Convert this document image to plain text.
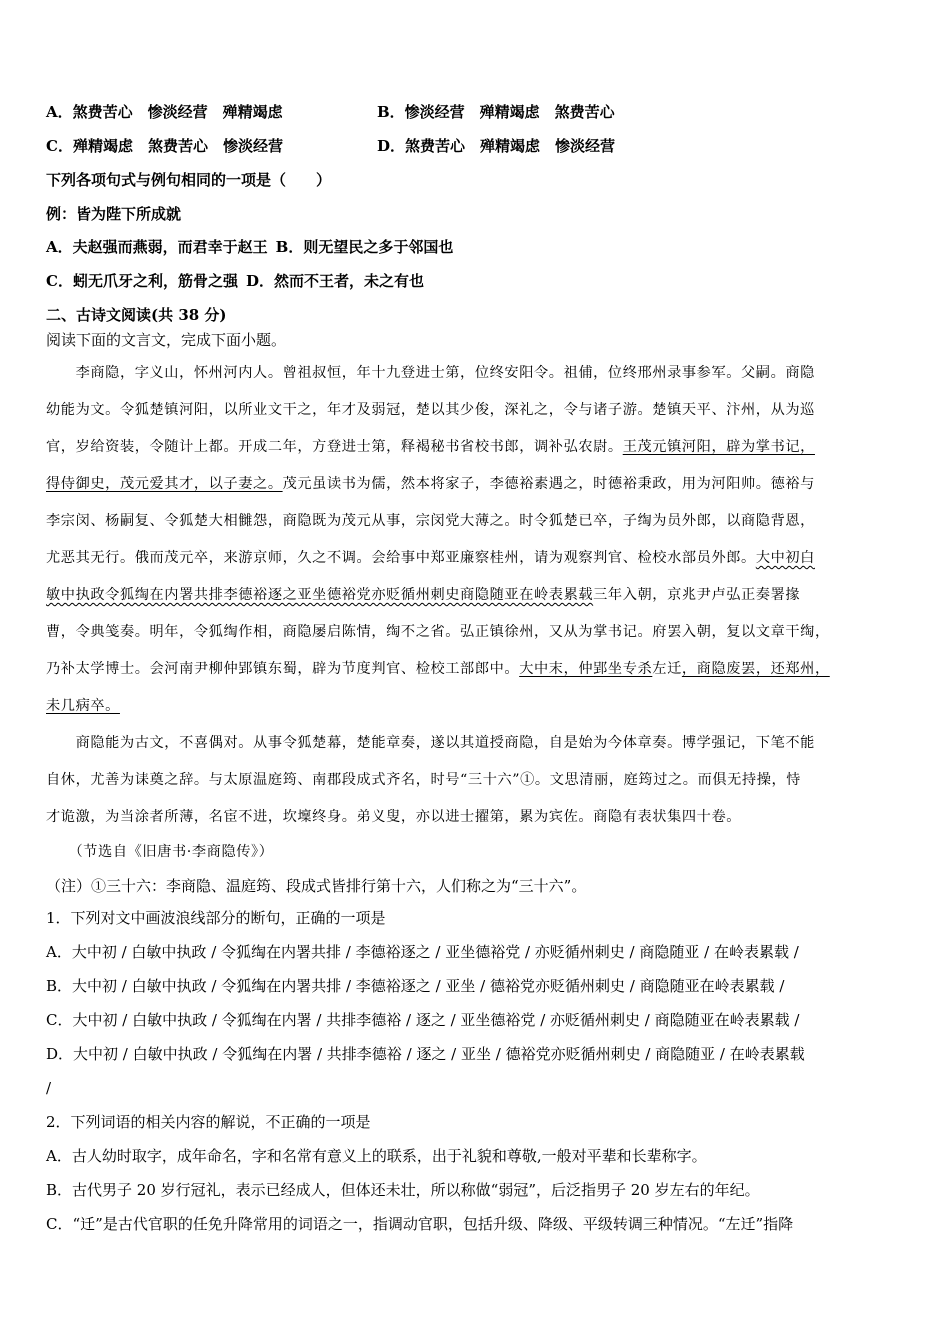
A．煞费苦心　惨淡经营　殚精竭虑	B．惨淡经营　殚精竭虑　煞费苦心
C．殚精竭虑　煞费苦心　惨淡经营	D．煞费苦心　殚精竭虑　惨淡经营
下列各项句式与例句相同的一项是（　　）
例：皆为陛下所成就
A．夫赵强而燕弱，而君幸于赵王 B．则无望民之多于邻国也
C．蚓无爪牙之利，筋骨之强 D．然而不王者，未之有也
二、古诗文阅读(共 38 分)
阅读下面的文言文，完成下面小题。
　　李商隐，字义山，怀州河内人。曾祖叔恒，年十九登进士第，位终安阳令。祖俌，位终邢州录事参军。父嗣。商隐
幼能为文。令狐楚镇河阳，以所业文干之，年才及弱冠，楚以其少俊，深礼之，令与诸子游。楚镇天平、汴州，从为巡
官，岁给资装，令随计上都。开成二年，方登进士第，释褐秘书省校书郎，调补弘农尉。王茂元镇河阳，辟为掌书记，
得侍御史，茂元爱其才，以子妻之。茂元虽读书为儒，然本将家子，李德裕素遇之，时德裕秉政，用为河阳帅。德裕与
李宗闵、杨嗣复、令狐楚大相雠怨，商隐既为茂元从事，宗闵党大薄之。时令狐楚已卒，子绹为员外郎，以商隐背恩，
尤恶其无行。俄而茂元卒，来游京师，久之不调。会给事中郑亚廉察桂州，请为观察判官、检校水部员外郎。大中初白
敏中执政令狐绹在内署共排李德裕逐之亚坐德裕党亦贬循州刺史商隐随亚在岭表累载三年入朝，京兆尹卢弘正奏署掾
曹，令典笺奏。明年，令狐绹作相，商隐屡启陈情，绹不之省。弘正镇徐州，又从为掌书记。府罢入朝，复以文章干绹，
乃补太学博士。会河南尹柳仲郢镇东蜀，辟为节度判官、检校工部郎中。大中末，仲郢坐专杀左迁，商隐废罢，还郑州，
未几病卒。
　　商隐能为古文，不喜偶对。从事令狐楚幕，楚能章奏，遂以其道授商隐，自是始为今体章奏。博学强记，下笔不能
自休，尤善为诔奠之辞。与太原温庭筠、南郡段成式齐名，时号“三十六”①。文思清丽，庭筠过之。而俱无持操，恃
才诡激，为当涂者所薄，名宦不进，坎壈终身。弟义叟，亦以进士擢第，累为宾佐。商隐有表状集四十卷。
　　（节选自《旧唐书·李商隐传》）
（注）①三十六：李商隐、温庭筠、段成式皆排行第十六，人们称之为“三十六”。
1．下列对文中画波浪线部分的断句，正确的一项是
A．大中初 / 白敏中执政 / 令狐绹在内署共排 / 李德裕逐之 / 亚坐德裕党 / 亦贬循州刺史 / 商隐随亚 / 在岭表累载 /
B．大中初 / 白敏中执政 / 令狐绹在内署共排 / 李德裕逐之 / 亚坐 / 德裕党亦贬循州刺史 / 商隐随亚在岭表累载 /
C．大中初 / 白敏中执政 / 令狐绹在内署 / 共排李德裕 / 逐之 / 亚坐德裕党 / 亦贬循州刺史 / 商隐随亚在岭表累载 /
D．大中初 / 白敏中执政 / 令狐绹在内署 / 共排李德裕 / 逐之 / 亚坐 / 德裕党亦贬循州刺史 / 商隐随亚 / 在岭表累载
/
2．下列词语的相关内容的解说，不正确的一项是
A．古人幼时取字，成年命名，字和名常有意义上的联系，出于礼貌和尊敬,一般对平辈和长辈称字。
B．古代男子 20 岁行冠礼，表示已经成人，但体还未壮，所以称做“弱冠”，后泛指男子 20 岁左右的年纪。
C．“迁”是古代官职的任免升降常用的词语之一，指调动官职，包括升级、降级、平级转调三种情况。“左迁”指降
